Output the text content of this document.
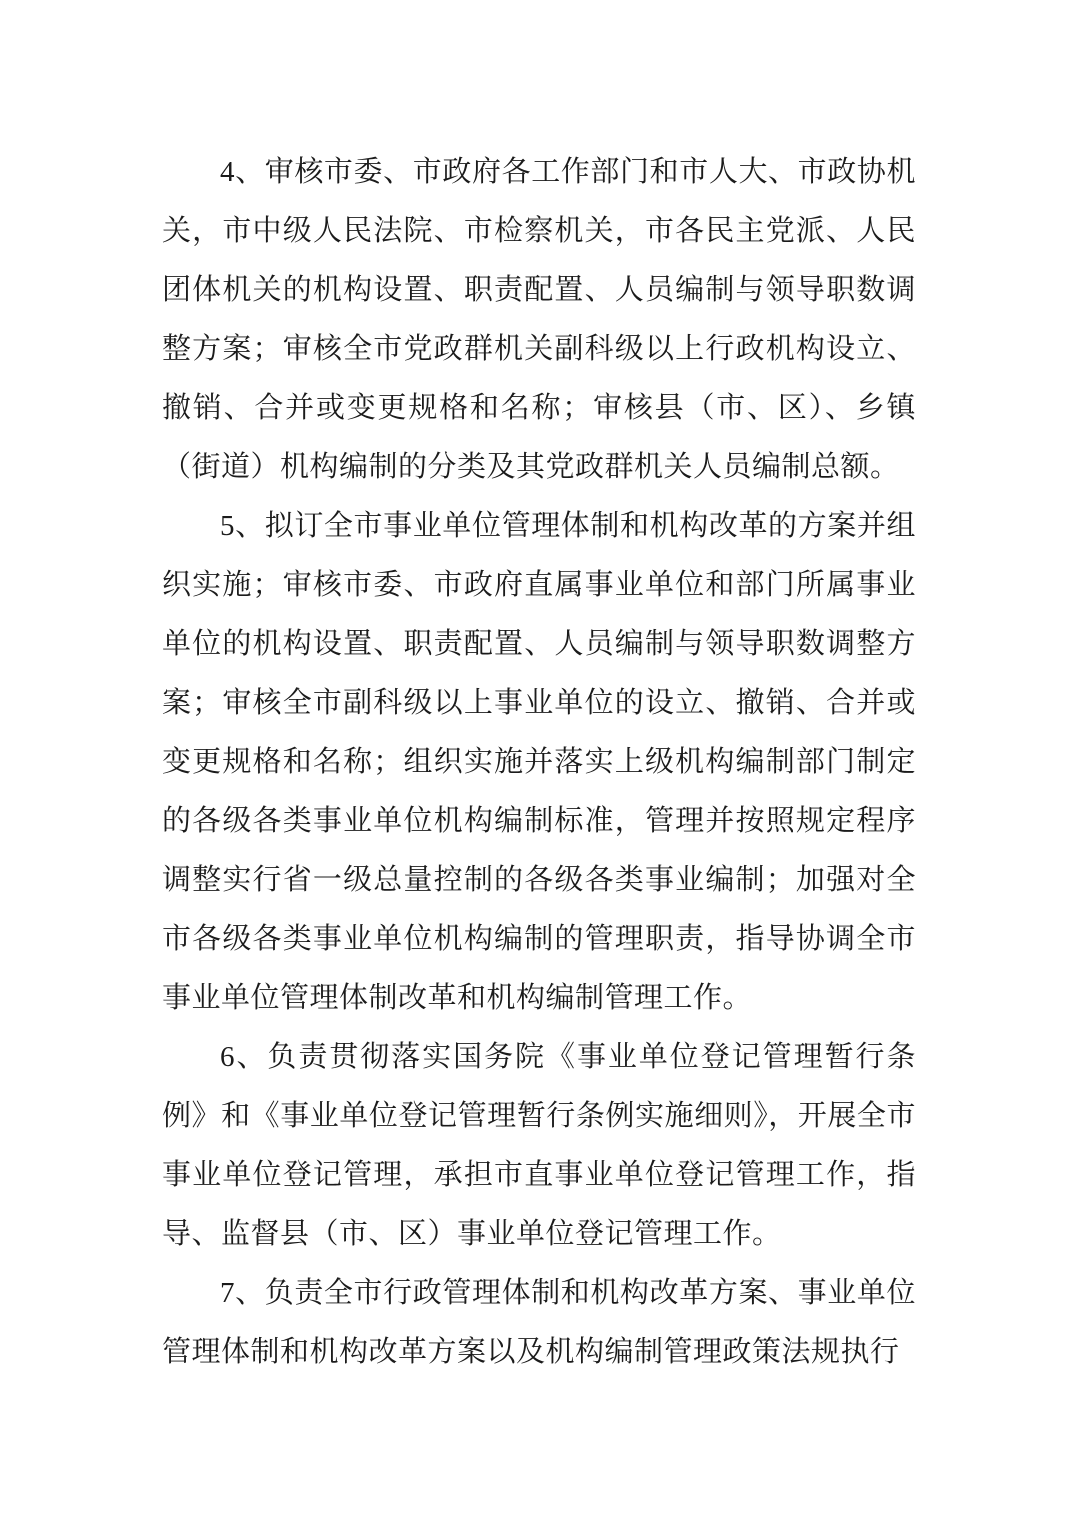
4、审核市委、市政府各工作部门和市人大、市政协机关，市中级人民法院、市检察机关，市各民主党派、人民团体机关的机构设置、职责配置、人员编制与领导职数调整方案；审核全市党政群机关副科级以上行政机构设立、撤销、合并或变更规格和名称；审核县（市、区）、乡镇（街道）机构编制的分类及其党政群机关人员编制总额。

5、拟订全市事业单位管理体制和机构改革的方案并组织实施；审核市委、市政府直属事业单位和部门所属事业单位的机构设置、职责配置、人员编制与领导职数调整方案；审核全市副科级以上事业单位的设立、撤销、合并或变更规格和名称；组织实施并落实上级机构编制部门制定的各级各类事业单位机构编制标准，管理并按照规定程序调整实行省一级总量控制的各级各类事业编制；加强对全市各级各类事业单位机构编制的管理职责，指导协调全市事业单位管理体制改革和机构编制管理工作。

6、负责贯彻落实国务院《事业单位登记管理暂行条例》和《事业单位登记管理暂行条例实施细则》，开展全市事业单位登记管理，承担市直事业单位登记管理工作，指导、监督县（市、区）事业单位登记管理工作。

7、负责全市行政管理体制和机构改革方案、事业单位管理体制和机构改革方案以及机构编制管理政策法规执行
